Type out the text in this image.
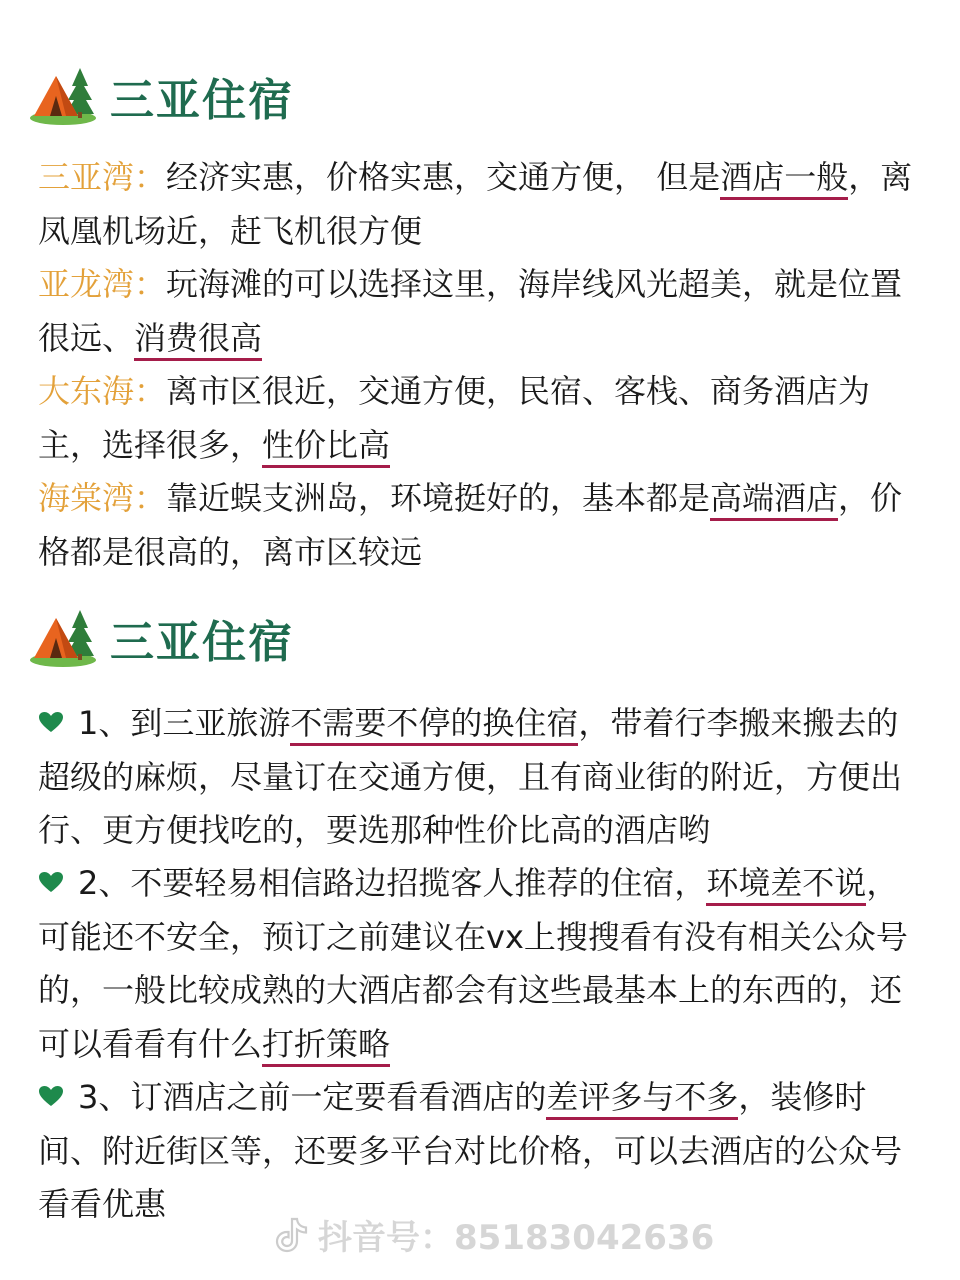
三亚住宿
三亚湾：经济实惠，价格实惠，交通方便， 但是酒店一般，离凤凰机场近，赶飞机很方便
亚龙湾：玩海滩的可以选择这里，海岸线风光超美，就是位置很远、消费很高
大东海：离市区很近，交通方便，民宿、客栈、商务酒店为主，选择很多，性价比高
海棠湾：靠近蜈支洲岛，环境挺好的，基本都是高端酒店，价格都是很高的，离市区较远
三亚住宿
1、到三亚旅游不需要不停的换住宿，带着行李搬来搬去的超级的麻烦，尽量订在交通方便，且有商业街的附近，方便出行、更方便找吃的，要选那种性价比高的酒店哟
2、不要轻易相信路边招揽客人推荐的住宿，环境差不说，可能还不安全，预订之前建议在vx上搜搜看有没有相关公众号的，一般比较成熟的大酒店都会有这些最基本上的东西的，还可以看看有什么打折策略
3、订酒店之前一定要看看酒店的差评多与不多，装修时间、附近街区等，还要多平台对比价格，可以去酒店的公众号看看优惠
抖音号：85183042636
